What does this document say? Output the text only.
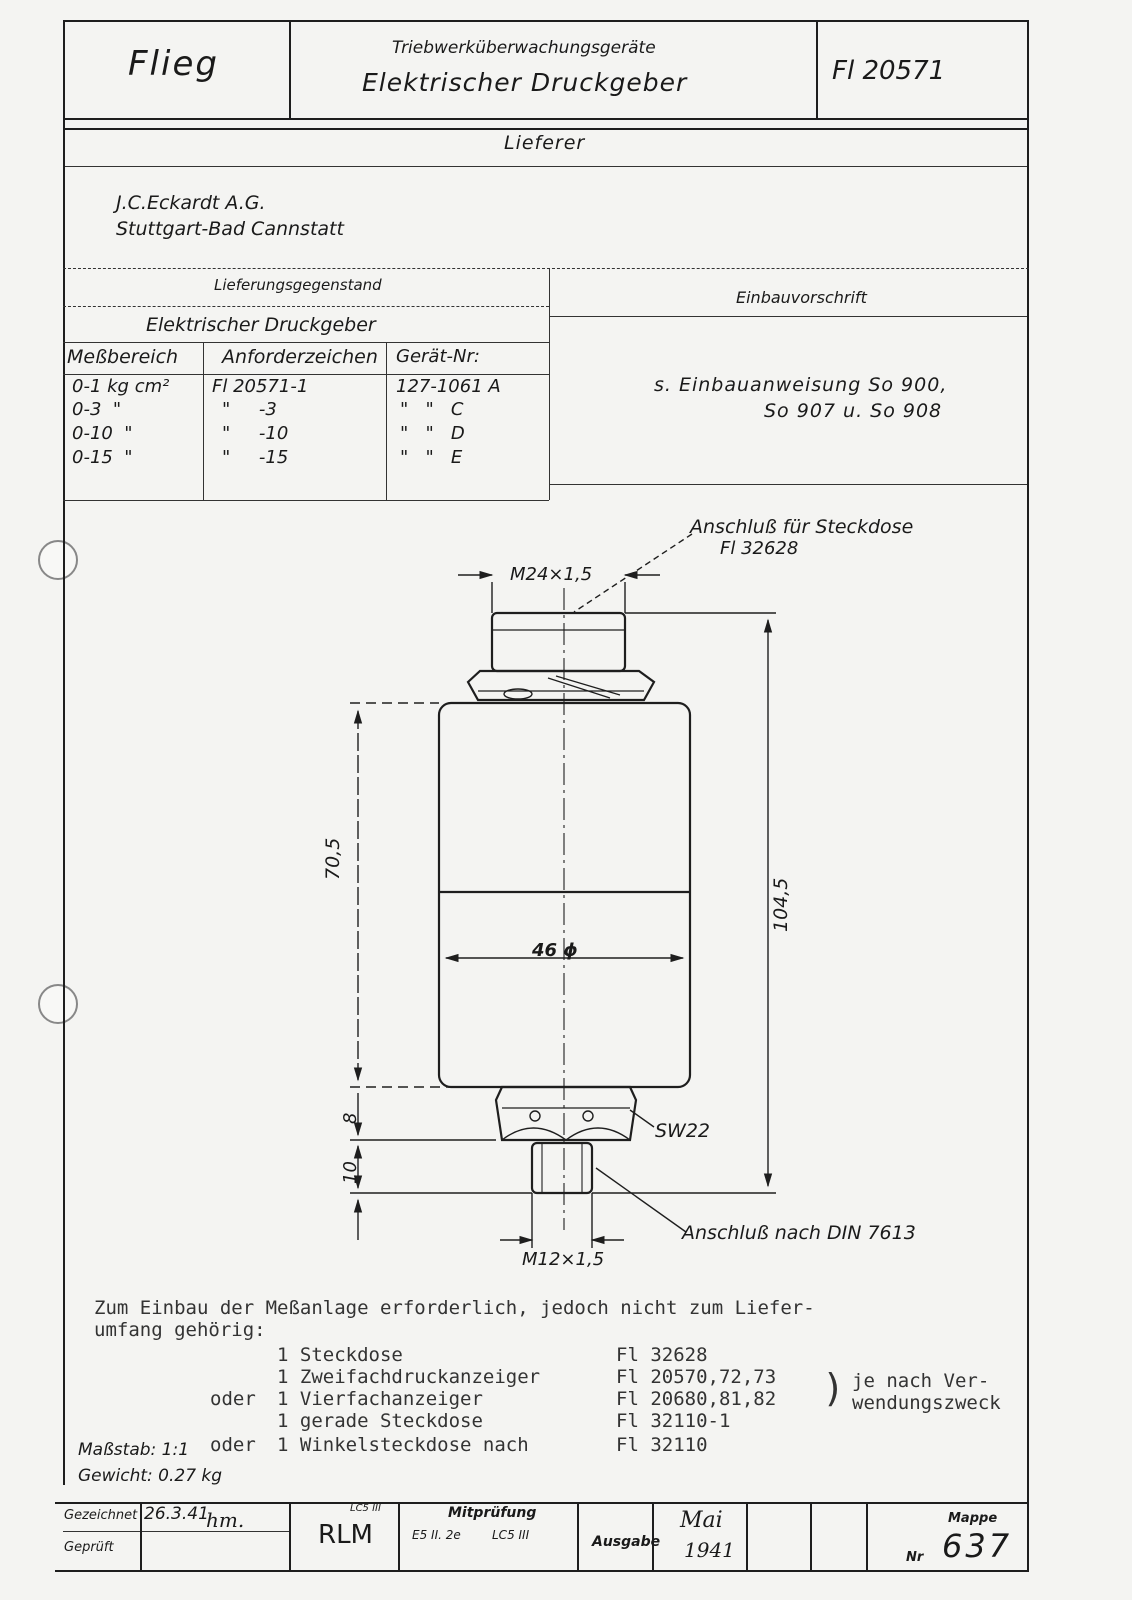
Flieg	Triebwerküberwachungsgeräte
Elektrischer Druckgeber	Fl 20571
Lieferer
J.C.Eckardt A.G.
Stuttgart-Bad Cannstatt
Lieferungsgegenstand
Elektrischer Druckgeber
Meßbereich Anforderzeichen Gerät-Nr:
0-1 kg cm² Fl 20571-1	127-1061 A
0-3  "	"     -3	"   "   C
0-10  "	"     -10	"   "   D
0-15  "	"     -15	"   "   E
Einbauvorschrift
s. Einbauanweisung So 900,
So 907 u. So 908
Anschluß für Steckdose
Fl 32628
M24×1,5
70,5
104,5
46 ϕ
8
10
SW22
Anschluß nach DIN 7613
M12×1,5
Zum Einbau der Meßanlage erforderlich, jedoch nicht zum Liefer-
umfang gehörig:
1 Steckdose	Fl 32628
1 Zweifachdruckanzeiger	Fl 20570,72,73
oder 1 Vierfachanzeiger	Fl 20680,81,82
1 gerade Steckdose	Fl 32110-1
oder 1 Winkelsteckdose nach	Fl 32110
) je nach Ver-
wendungszweck
Maßstab: 1:1
Gewicht: 0.27 kg
Gezeichnet 26.3.41
hm.
Geprüft	RLM
LC5 III	Mitprüfung
E5 II. 2e	LC5 III	Ausgabe
Mai
1941
Mappe
Nr 637
